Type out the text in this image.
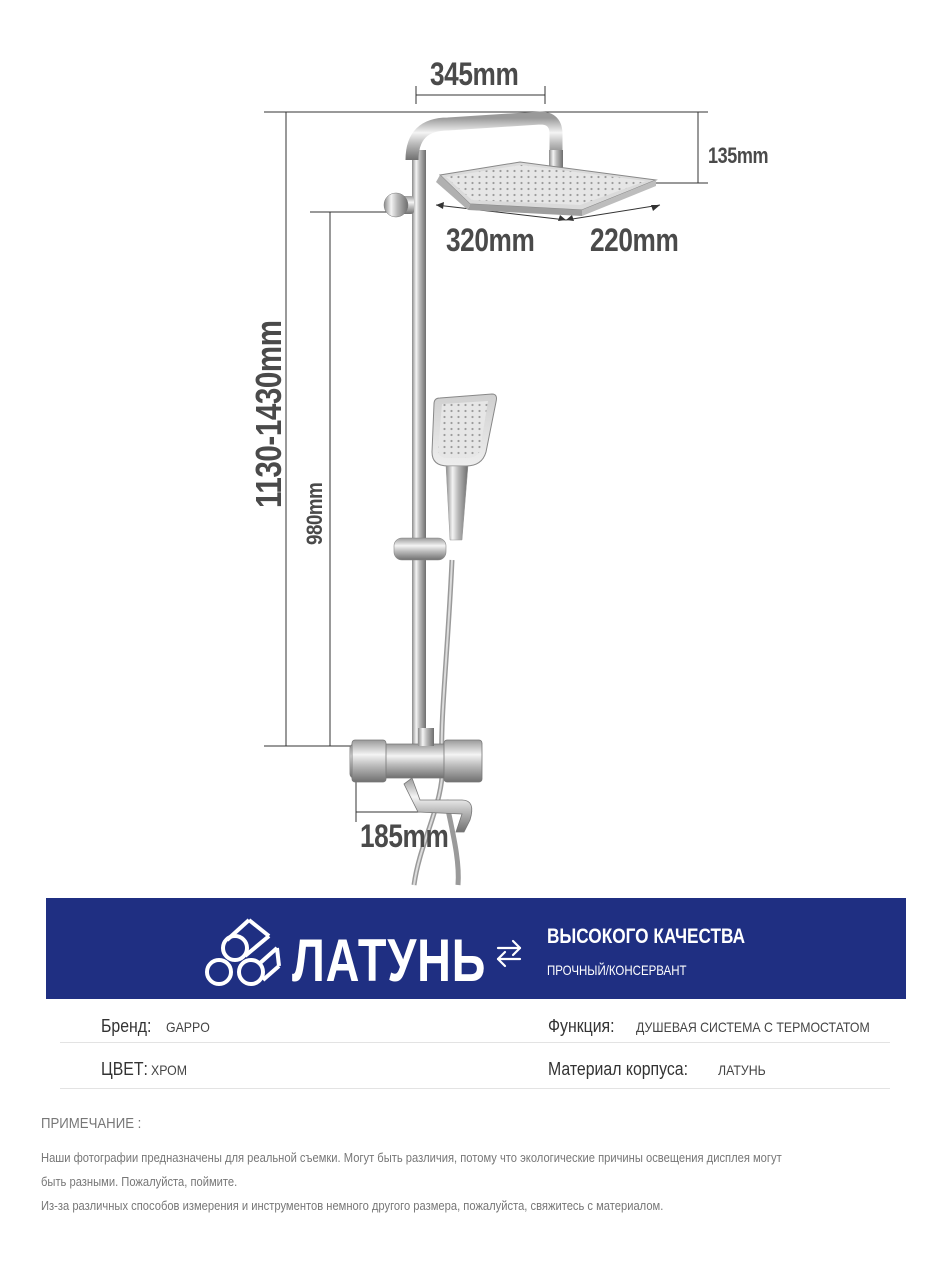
345mm
135mm
320mm 220mm
185mm
1130-1430mm
980mm
ЛАТУНЬ	ВЫСОКОГО КАЧЕСТВА
ПРОЧНЫЙ/КОНСЕРВАНТ
Бренд: GAPPO	Функция: ДУШЕВАЯ СИСТЕМА С ТЕРМОСТАТОМ
ЦВЕТ: ХРОМ	Материал корпуса: ЛАТУНЬ
ПРИМЕЧАНИЕ :
Наши фотографии предназначены для реальной съемки. Могут быть различия, потому что экологические причины освещения дисплея могут
быть разными. Пожалуйста, поймите.
Из-за различных способов измерения и инструментов немного другого размера, пожалуйста, свяжитесь с материалом.
